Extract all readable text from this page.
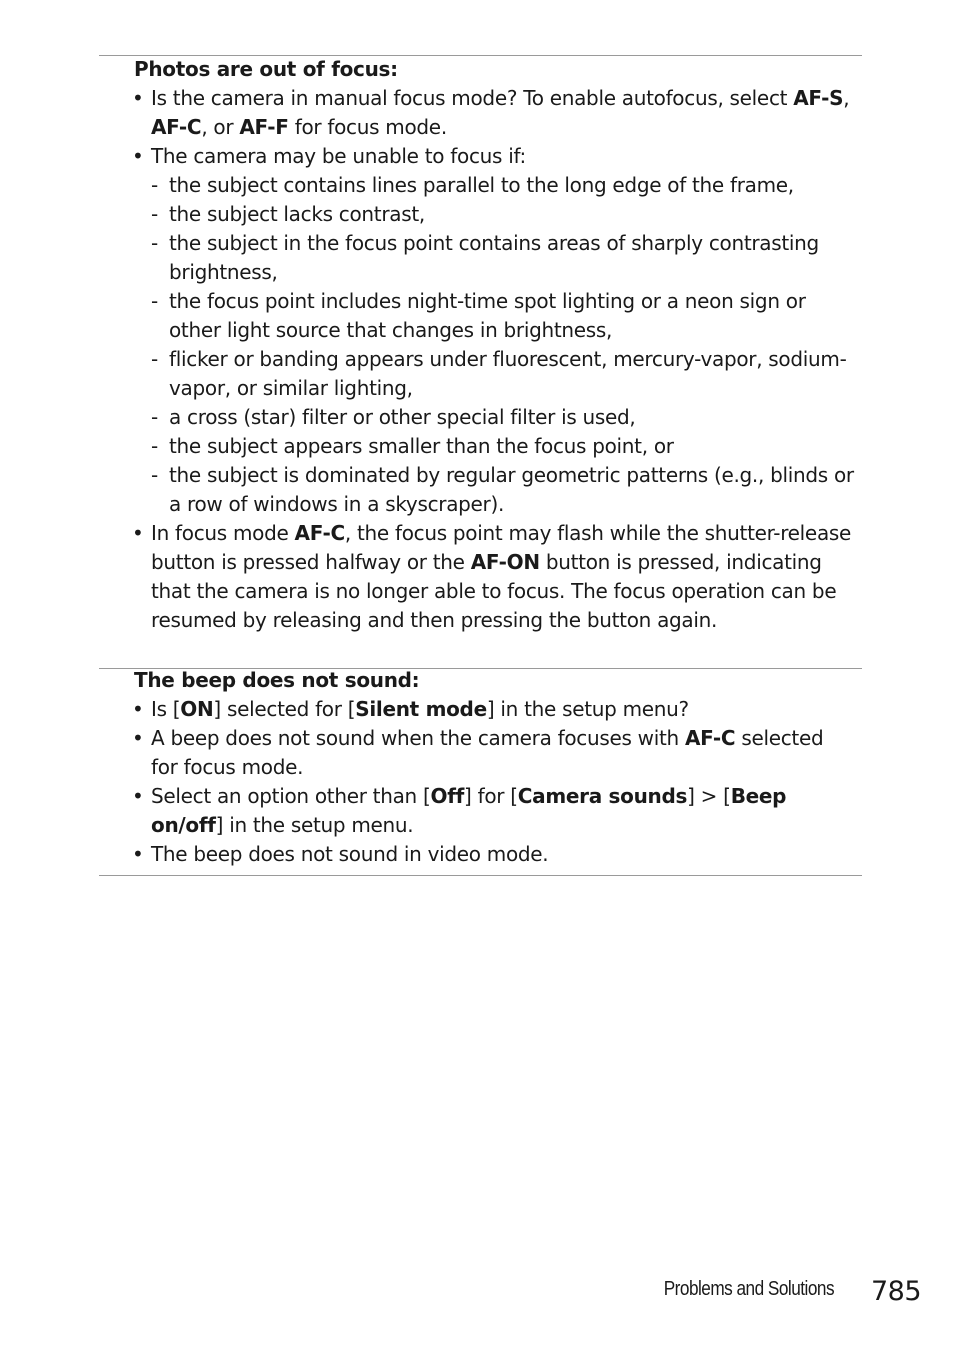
Photos are out of focus:

• Is the camera in manual focus mode? To enable autofocus, select AF-S, AF-C, or AF-F for focus mode.
• The camera may be unable to focus if:
- the subject contains lines parallel to the long edge of the frame,
- the subject lacks contrast,
- the subject in the focus point contains areas of sharply contrasting brightness,
- the focus point includes night-time spot lighting or a neon sign or other light source that changes in brightness,
- flicker or banding appears under fluorescent, mercury-vapor, sodium-vapor, or similar lighting,
- a cross (star) filter or other special filter is used,
- the subject appears smaller than the focus point, or
- the subject is dominated by regular geometric patterns (e.g., blinds or a row of windows in a skyscraper).
• In focus mode AF-C, the focus point may flash while the shutter-release button is pressed halfway or the AF-ON button is pressed, indicating that the camera is no longer able to focus. The focus operation can be resumed by releasing and then pressing the button again.

The beep does not sound:

• Is [ON] selected for [Silent mode] in the setup menu?
• A beep does not sound when the camera focuses with AF-C selected for focus mode.
• Select an option other than [Off] for [Camera sounds] > [Beep on/off] in the setup menu.
• The beep does not sound in video mode.
Problems and Solutions 785
